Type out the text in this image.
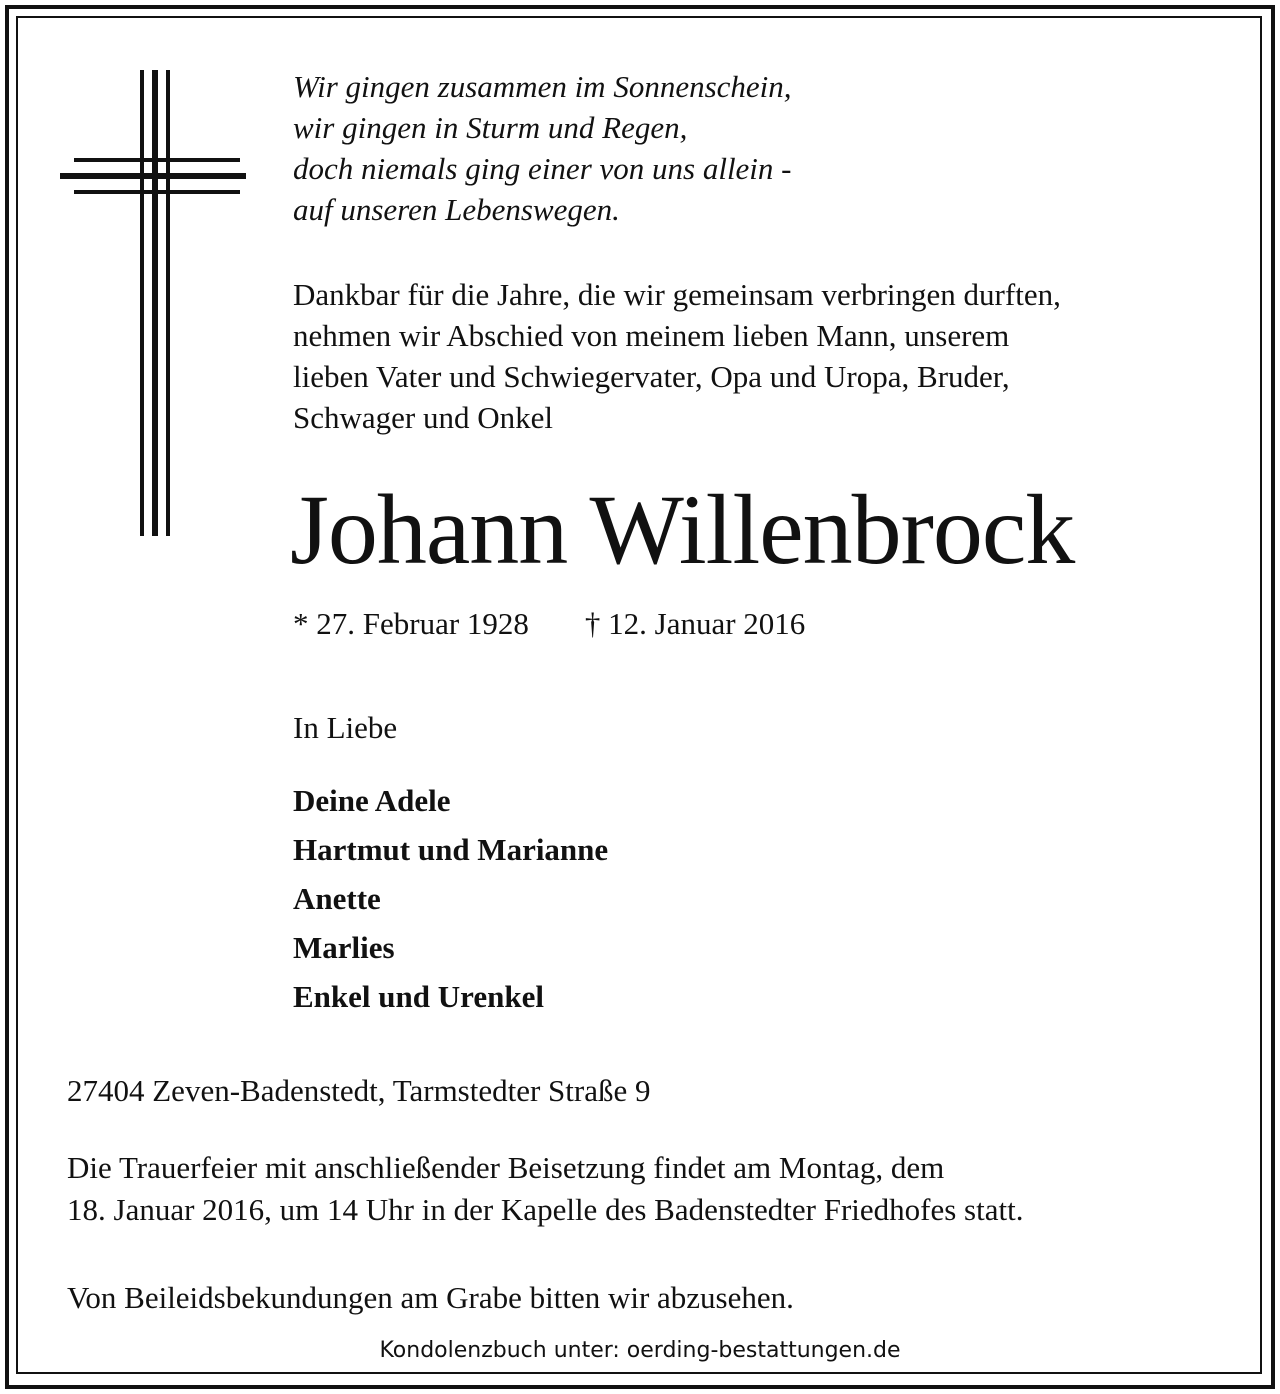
Wir gingen zusammen im Sonnenschein,
wir gingen in Sturm und Regen,
doch niemals ging einer von uns allein -
auf unseren Lebenswegen.
Dankbar für die Jahre, die wir gemeinsam verbringen durften,
nehmen wir Abschied von meinem lieben Mann, unserem
lieben Vater und Schwiegervater, Opa und Uropa, Bruder,
Schwager und Onkel
Johann Willenbrock
* 27. Februar 1928 † 12. Januar 2016
In Liebe
Deine Adele
Hartmut und Marianne
Anette
Marlies
Enkel und Urenkel
27404 Zeven-Badenstedt, Tarmstedter Straße 9
Die Trauerfeier mit anschließender Beisetzung findet am Montag, dem
18. Januar 2016, um 14 Uhr in der Kapelle des Badenstedter Friedhofes statt.
Von Beileidsbekundungen am Grabe bitten wir abzusehen.
Kondolenzbuch unter: oerding-bestattungen.de
